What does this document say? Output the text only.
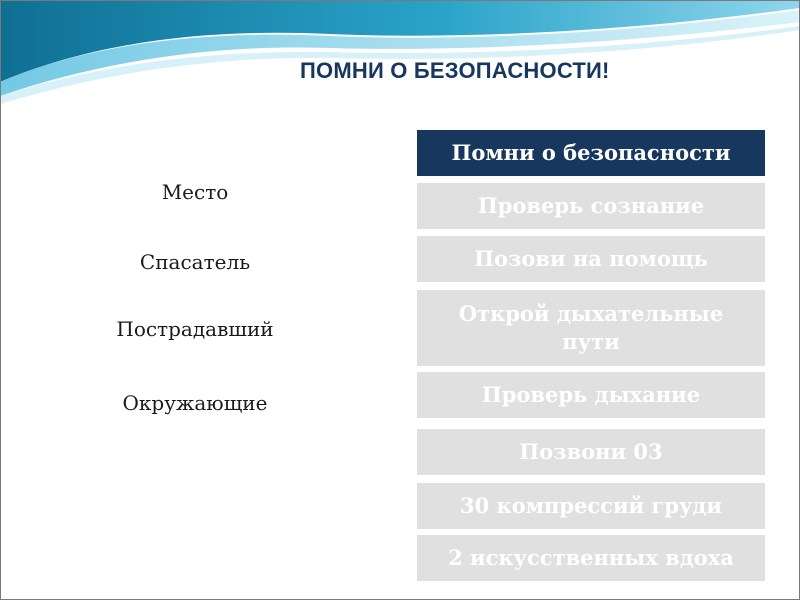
ПОМНИ О БЕЗОПАСНОСТИ!
Место
Спасатель
Пострадавший
Окружающие
Помни о безопасности
Проверь сознание
Позови на помощь
Открой дыхательные пути
Проверь дыхание
Позвони 03
30 компрессий груди
2 искусственных вдоха
